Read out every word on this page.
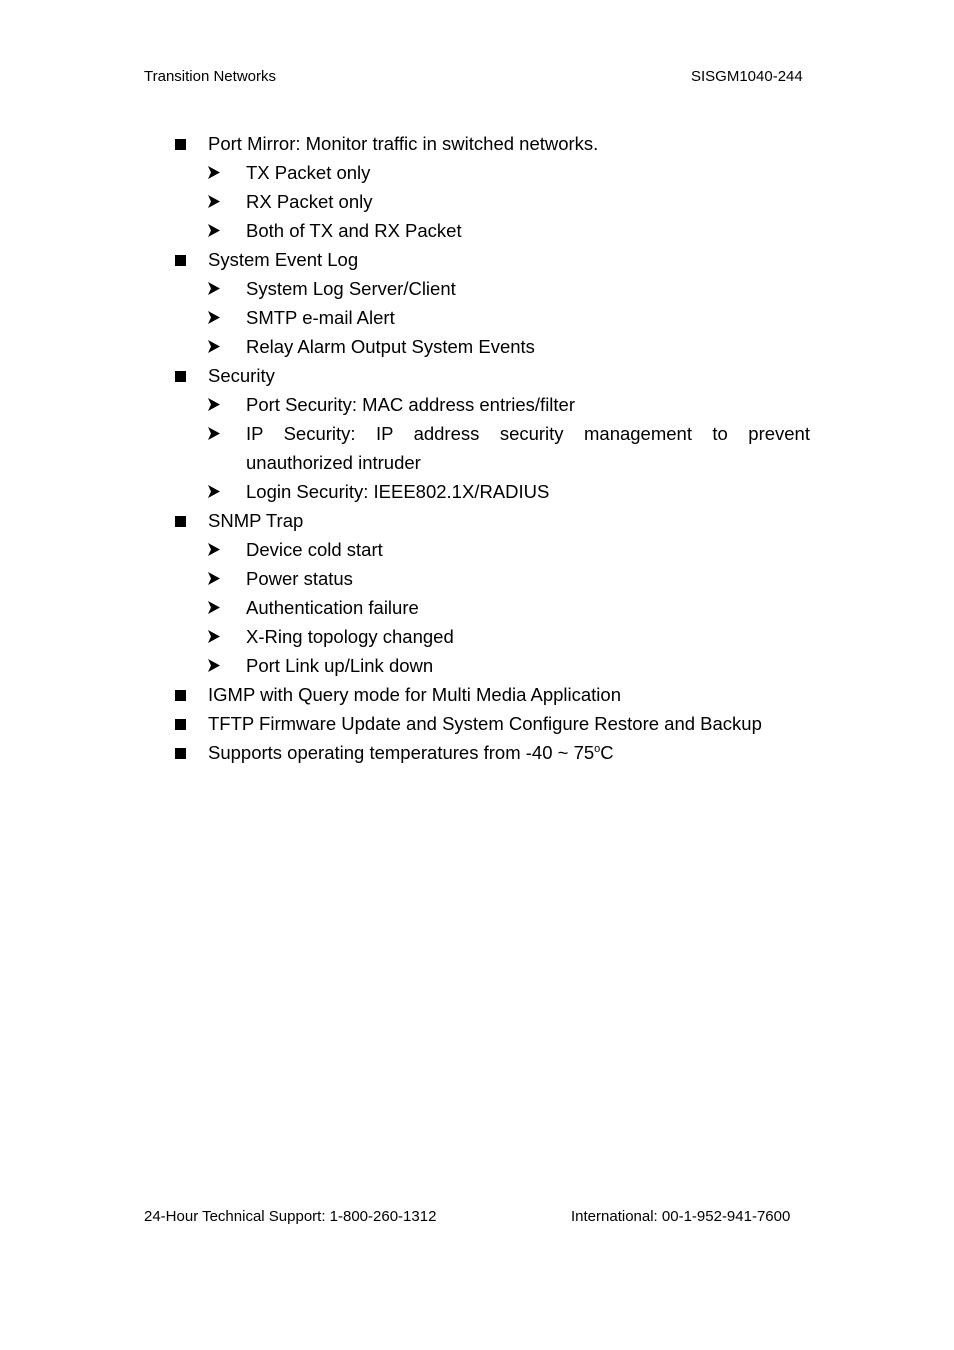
Transition Networks	SISGM1040-244
Port Mirror: Monitor traffic in switched networks.
TX Packet only
RX Packet only
Both of TX and RX Packet
System Event Log
System Log Server/Client
SMTP e-mail Alert
Relay Alarm Output System Events
Security
Port Security: MAC address entries/filter
IP Security: IP address security management to prevent unauthorized intruder
Login Security: IEEE802.1X/RADIUS
SNMP Trap
Device cold start
Power status
Authentication failure
X-Ring topology changed
Port Link up/Link down
IGMP with Query mode for Multi Media Application
TFTP Firmware Update and System Configure Restore and Backup
Supports operating temperatures from -40 ~ 75$^o$C
24-Hour Technical Support: 1-800-260-1312	International: 00-1-952-941-7600
